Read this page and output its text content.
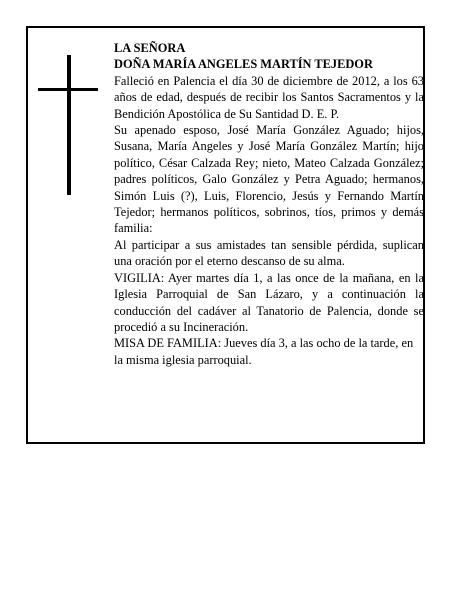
LA SEÑORA

DOÑA MARÍA ANGELES MARTÍN TEJEDOR

Falleció en Palencia el día 30 de diciembre de 2012, a los 63 años de edad, después de recibir los Santos Sacramentos y la Bendición Apostólica de Su Santidad D. E. P.

Su apenado esposo, José María González Aguado; hijos, Susana, María Angeles y José María González Martín; hijo político, César Calzada Rey; nieto, Mateo Calzada González; padres políticos, Galo González y Petra Aguado; hermanos, Simón Luis (?), Luis, Florencio, Jesús y Fernando Martín Tejedor; hermanos políticos, sobrinos, tíos, primos y demás familia:

Al participar a sus amistades tan sensible pérdida, suplican una oración por el eterno descanso de su alma.

VIGILIA: Ayer martes día 1, a las once de la mañana, en la Iglesia Parroquial de San Lázaro, y a continuación la conducción del cadáver al Tanatorio de Palencia, donde se procedió a su Incineración.

MISA DE FAMILIA: Jueves día 3, a las ocho de la tarde, en la misma iglesia parroquial.
